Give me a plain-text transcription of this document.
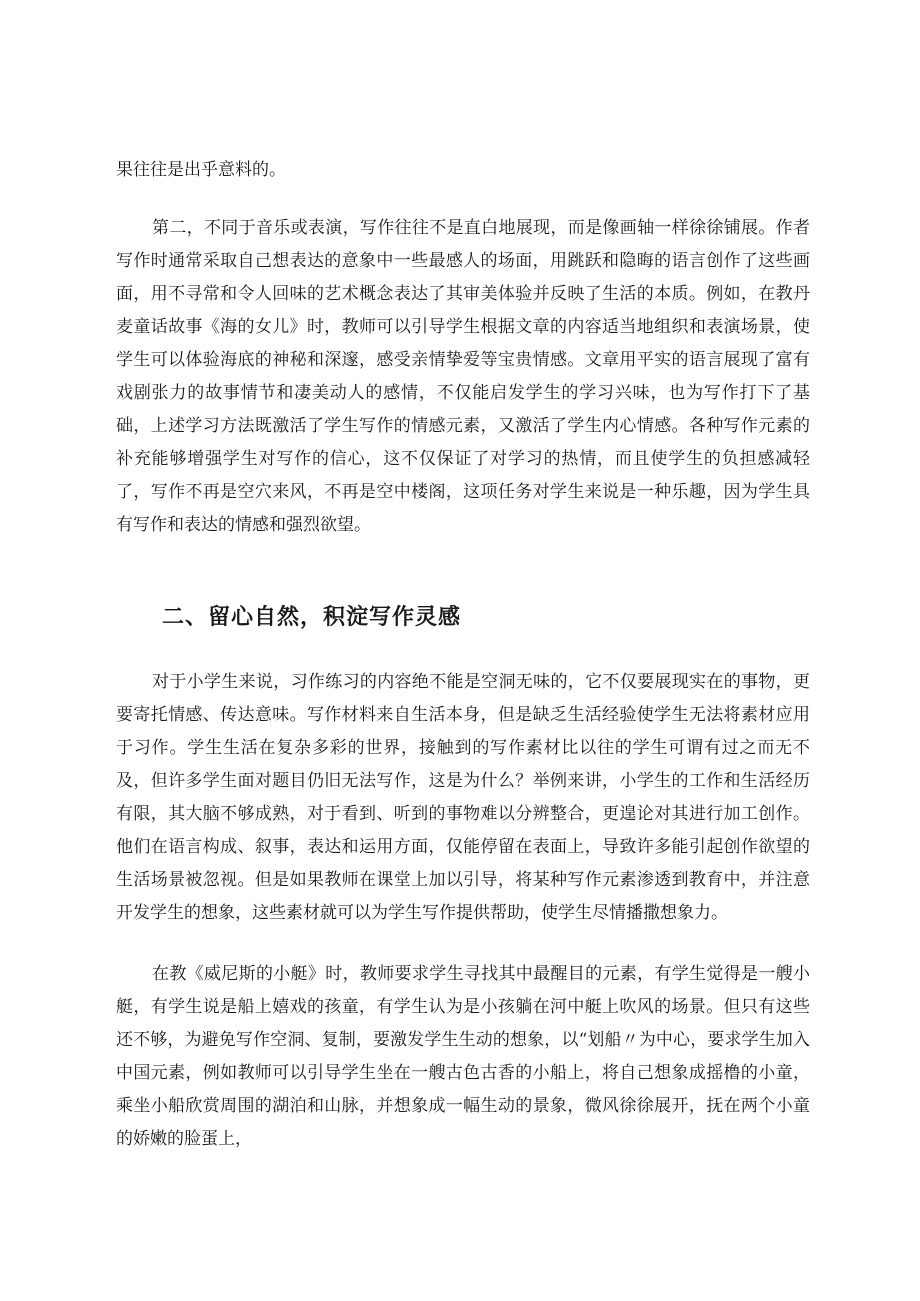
果往往是出乎意料的。

第二，不同于音乐或表演，写作往往不是直白地展现，而是像画轴一样徐徐铺展。作者写作时通常采取自己想表达的意象中一些最感人的场面，用跳跃和隐晦的语言创作了这些画面，用不寻常和令人回味的艺术概念表达了其审美体验并反映了生活的本质。例如，在教丹麦童话故事《海的女儿》时，教师可以引导学生根据文章的内容适当地组织和表演场景，使学生可以体验海底的神秘和深邃，感受亲情挚爱等宝贵情感。文章用平实的语言展现了富有戏剧张力的故事情节和凄美动人的感情，不仅能启发学生的学习兴味，也为写作打下了基础，上述学习方法既激活了学生写作的情感元素，又激活了学生内心情感。各种写作元素的补充能够增强学生对写作的信心，这不仅保证了对学习的热情，而且使学生的负担感减轻了，写作不再是空穴来风，不再是空中楼阁，这项任务对学生来说是一种乐趣，因为学生具有写作和表达的情感和强烈欲望。

二、留心自然，积淀写作灵感

对于小学生来说，习作练习的内容绝不能是空洞无味的，它不仅要展现实在的事物，更要寄托情感、传达意味。写作材料来自生活本身，但是缺乏生活经验使学生无法将素材应用于习作。学生生活在复杂多彩的世界，接触到的写作素材比以往的学生可谓有过之而无不及，但许多学生面对题目仍旧无法写作，这是为什么？举例来讲，小学生的工作和生活经历有限，其大脑不够成熟，对于看到、听到的事物难以分辨整合，更遑论对其进行加工创作。他们在语言构成、叙事，表达和运用方面，仅能停留在表面上，导致许多能引起创作欲望的生活场景被忽视。但是如果教师在课堂上加以引导，将某种写作元素渗透到教育中，并注意开发学生的想象，这些素材就可以为学生写作提供帮助，使学生尽情播撒想象力。

在教《威尼斯的小艇》时，教师要求学生寻找其中最醒目的元素，有学生觉得是一艘小艇，有学生说是船上嬉戏的孩童，有学生认为是小孩躺在河中艇上吹风的场景。但只有这些还不够，为避免写作空洞、复制，要激发学生生动的想象，以“划船〃为中心，要求学生加入中国元素，例如教师可以引导学生坐在一艘古色古香的小船上，将自己想象成摇橹的小童，乘坐小船欣赏周围的湖泊和山脉，并想象成一幅生动的景象，微风徐徐展开，抚在两个小童的娇嫩的脸蛋上，
